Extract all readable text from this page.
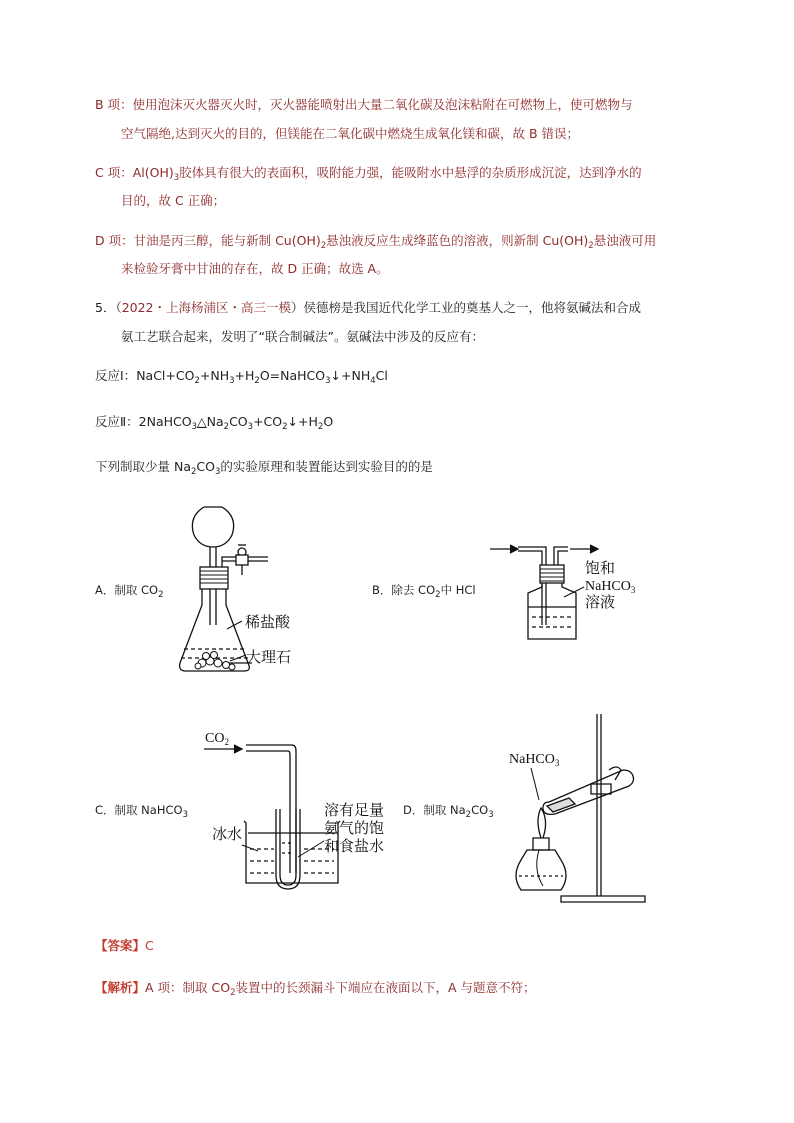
B 项：使用泡沫灭火器灭火时，灭火器能喷射出大量二氧化碳及泡沫粘附在可燃物上，使可燃物与
空气隔绝,达到灭火的目的，但镁能在二氧化碳中燃烧生成氧化镁和碳，故 B 错误；
C 项：$Al(OH)_3$胶体具有很大的表面积，吸附能力强，能吸附水中悬浮的杂质形成沉淀，达到净水的
目的，故 C 正确；
D 项：甘油是丙三醇，能与新制 $Cu(OH)_2$悬浊液反应生成绛蓝色的溶液，则新制 $Cu(OH)_2$悬浊液可用
来检验牙膏中甘油的存在，故 D 正确；故选 A。
5．（2022・上海杨浦区・高三一模）侯德榜是我国近代化学工业的奠基人之一，他将氨碱法和合成
氨工艺联合起来，发明了“联合制碱法”。氨碱法中涉及的反应有：
反应Ⅰ：$NaCl+CO_2+NH_3+H_2O=NaHCO_3↓+NH_4Cl$
反应Ⅱ：$2NaHCO_3\triangle Na_2CO_3+CO_2↓+H_2O$
下列制取少量 $Na_2CO_3$的实验原理和装置能达到实验目的的是
A．制取 $CO_2$	B．除去 $CO_2$中 HCl
C．制取 NaHCO$_3$	D．制取 $Na_2CO_3$
稀盐酸
大理石
饱和
NaHCO$_3$
溶液
$CO_2$
冰水
溶有足量
氨气的饱
和食盐水
NaHCO$_3$
【答案】C
【解析】A 项：制取 $CO_2$装置中的长颈漏斗下端应在液面以下，A 与题意不符；
